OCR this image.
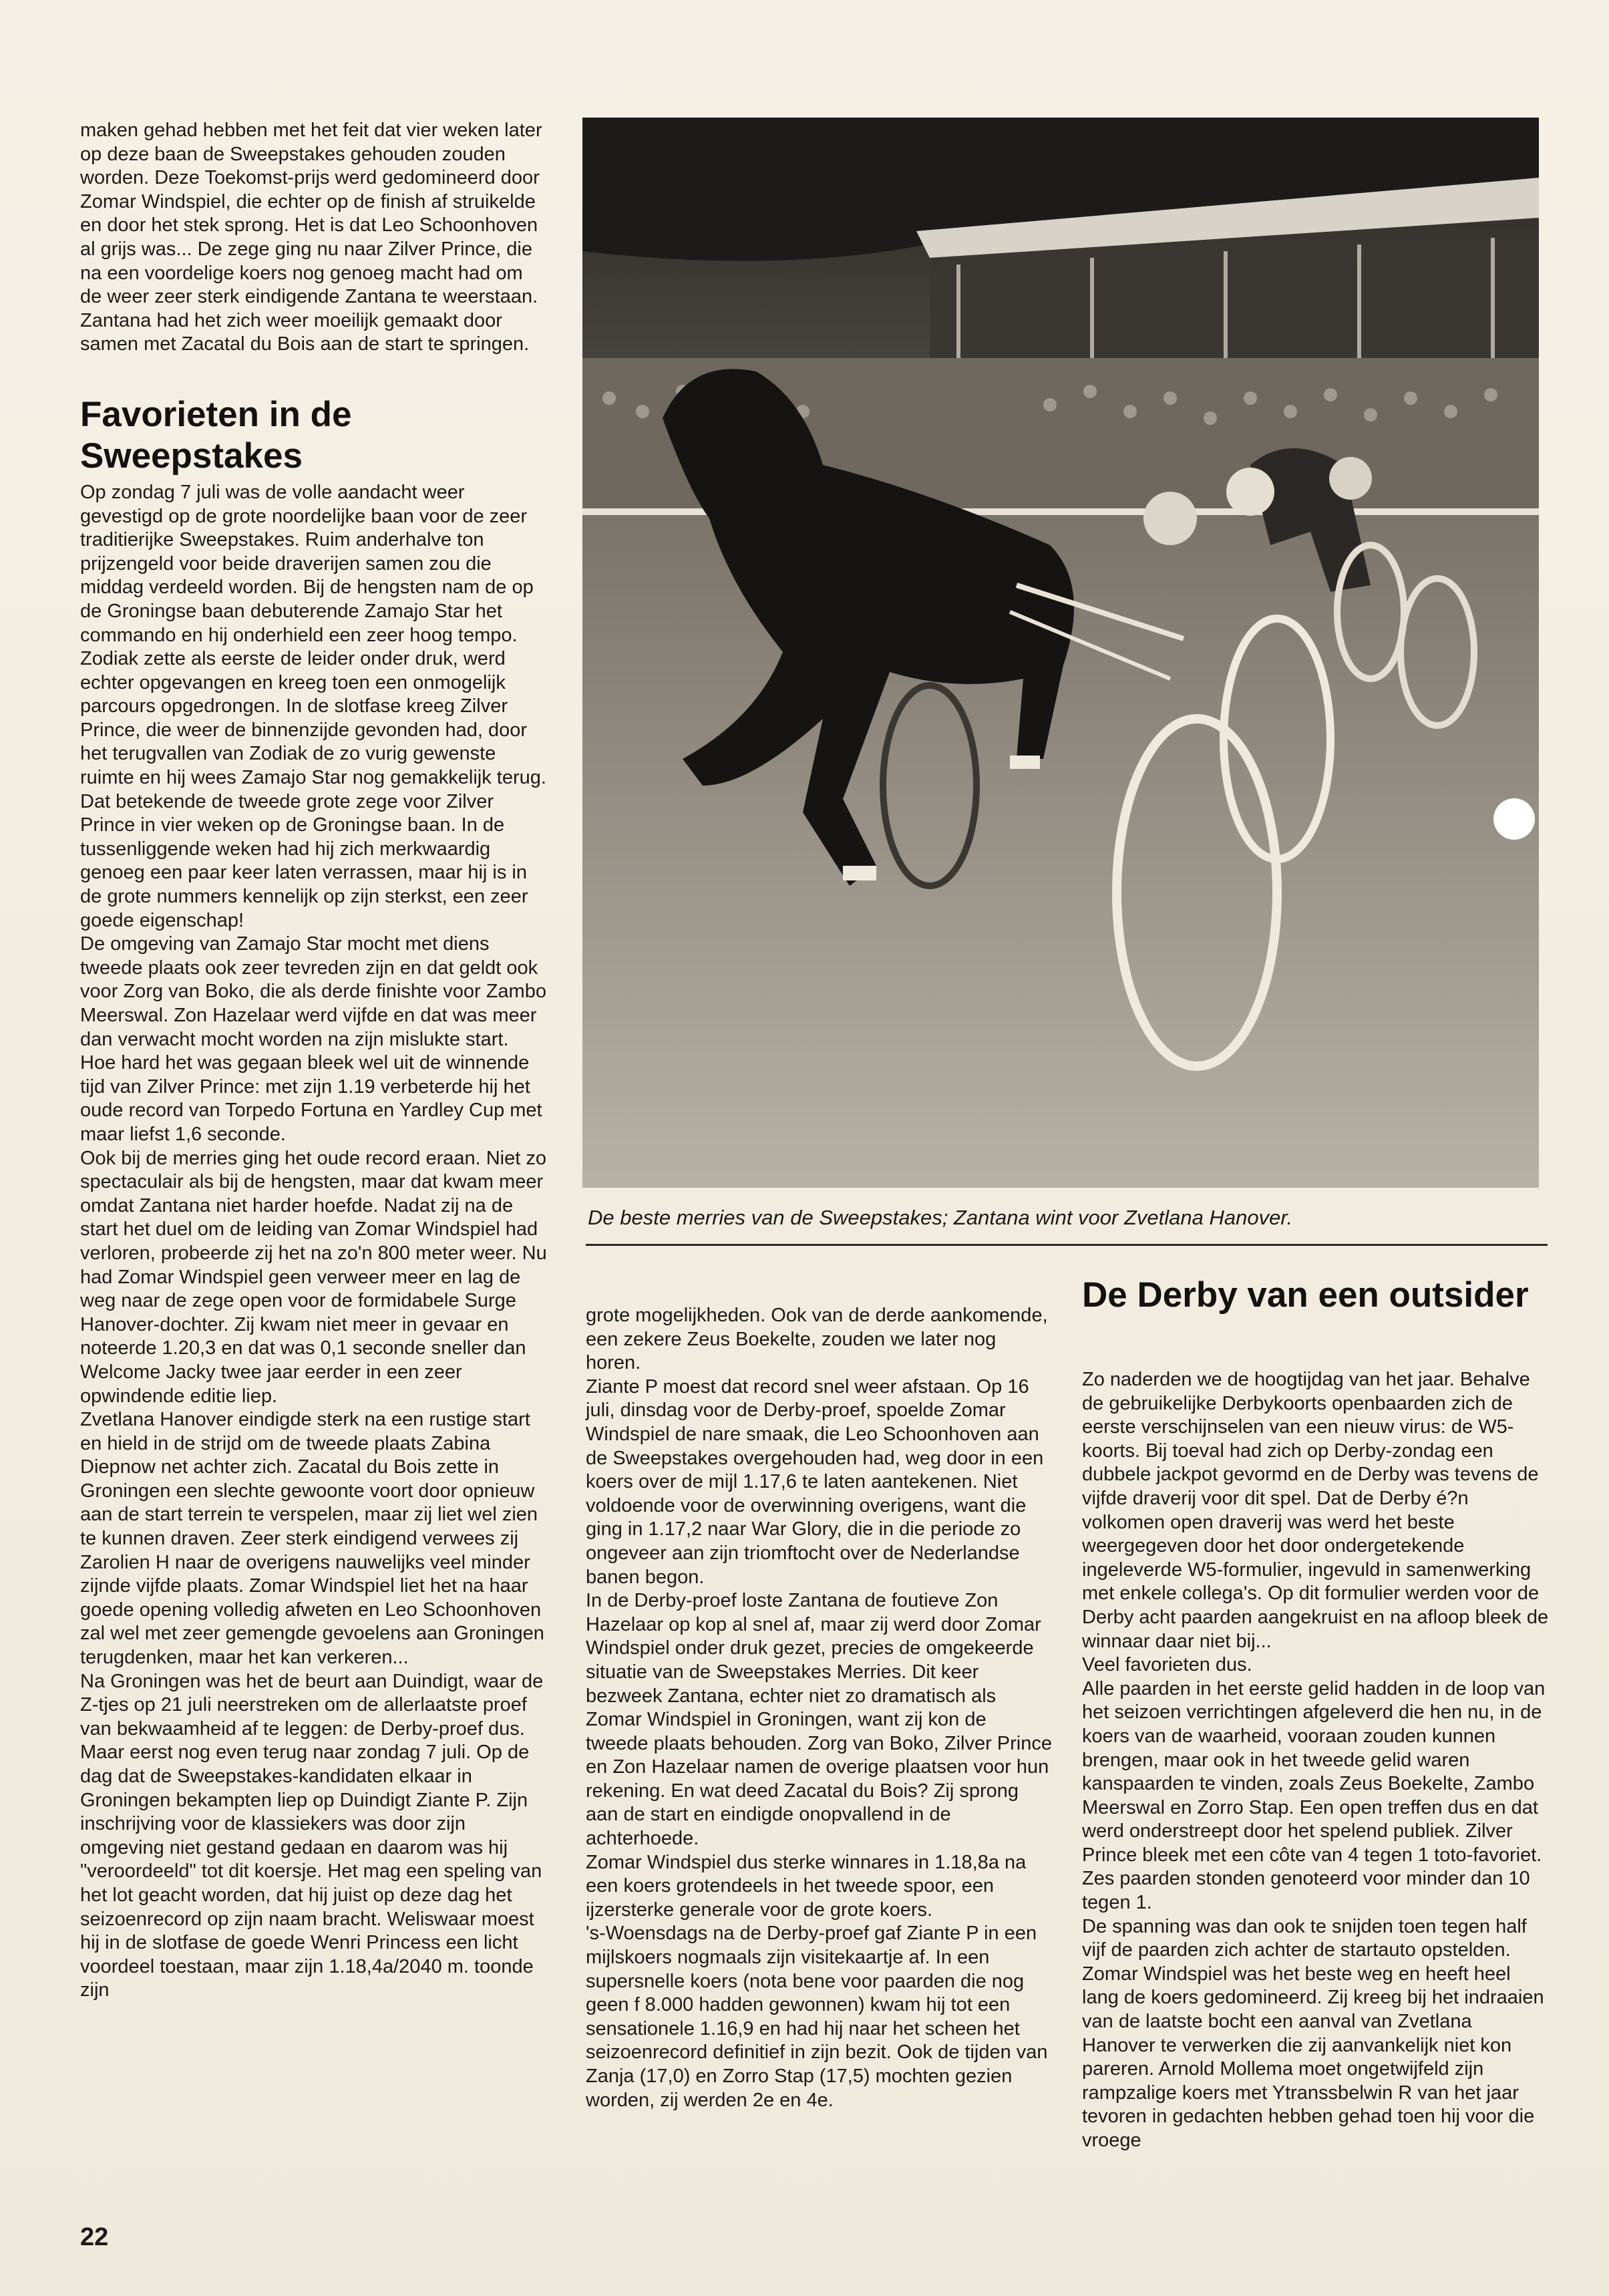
maken gehad hebben met het feit dat vier weken later op deze baan de Sweepstakes gehouden zouden worden. Deze Toekomst-prijs werd gedomineerd door Zomar Windspiel, die echter op de finish af struikelde en door het stek sprong. Het is dat Leo Schoonhoven al grijs was... De zege ging nu naar Zilver Prince, die na een voordelige koers nog genoeg macht had om de weer zeer sterk eindigende Zantana te weerstaan. Zantana had het zich weer moeilijk gemaakt door samen met Zacatal du Bois aan de start te springen.

Favorieten in de Sweepstakes

Op zondag 7 juli was de volle aandacht weer gevestigd op de grote noordelijke baan voor de zeer traditierijke Sweepstakes. Ruim anderhalve ton prijzengeld voor beide draverijen samen zou die middag verdeeld worden. Bij de hengsten nam de op de Groningse baan debuterende Zamajo Star het commando en hij onderhield een zeer hoog tempo. Zodiak zette als eerste de leider onder druk, werd echter opgevangen en kreeg toen een onmogelijk parcours opgedrongen. In de slotfase kreeg Zilver Prince, die weer de binnenzijde gevonden had, door het terugvallen van Zodiak de zo vurig gewenste ruimte en hij wees Zamajo Star nog gemakkelijk terug. Dat betekende de tweede grote zege voor Zilver Prince in vier weken op de Groningse baan. In de tussenliggende weken had hij zich merkwaardig genoeg een paar keer laten verrassen, maar hij is in de grote nummers kennelijk op zijn sterkst, een zeer goede eigenschap!

De omgeving van Zamajo Star mocht met diens tweede plaats ook zeer tevreden zijn en dat geldt ook voor Zorg van Boko, die als derde finishte voor Zambo Meerswal. Zon Hazelaar werd vijfde en dat was meer dan verwacht mocht worden na zijn mislukte start. Hoe hard het was gegaan bleek wel uit de winnende tijd van Zilver Prince: met zijn 1.19 verbeterde hij het oude record van Torpedo Fortuna en Yardley Cup met maar liefst 1,6 seconde.

Ook bij de merries ging het oude record eraan. Niet zo spectaculair als bij de hengsten, maar dat kwam meer omdat Zantana niet harder hoefde. Nadat zij na de start het duel om de leiding van Zomar Windspiel had verloren, probeerde zij het na zo'n 800 meter weer. Nu had Zomar Windspiel geen verweer meer en lag de weg naar de zege open voor de formidabele Surge Hanover-dochter. Zij kwam niet meer in gevaar en noteerde 1.20,3 en dat was 0,1 seconde sneller dan Welcome Jacky twee jaar eerder in een zeer opwindende editie liep.

Zvetlana Hanover eindigde sterk na een rustige start en hield in de strijd om de tweede plaats Zabina Diepnow net achter zich. Zacatal du Bois zette in Groningen een slechte gewoonte voort door opnieuw aan de start terrein te verspelen, maar zij liet wel zien te kunnen draven. Zeer sterk eindigend verwees zij Zarolien H naar de overigens nauwelijks veel minder zijnde vijfde plaats. Zomar Windspiel liet het na haar goede opening volledig afweten en Leo Schoonhoven zal wel met zeer gemengde gevoelens aan Groningen terugdenken, maar het kan verkeren...

Na Groningen was het de beurt aan Duindigt, waar de Z-tjes op 21 juli neerstreken om de allerlaatste proef van bekwaamheid af te leggen: de Derby-proef dus. Maar eerst nog even terug naar zondag 7 juli. Op de dag dat de Sweepstakes-kandidaten elkaar in Groningen bekampten liep op Duindigt Ziante P. Zijn inschrijving voor de klassiekers was door zijn omgeving niet gestand gedaan en daarom was hij "veroordeeld" tot dit koersje. Het mag een speling van het lot geacht worden, dat hij juist op deze dag het seizoenrecord op zijn naam bracht. Weliswaar moest hij in de slotfase de goede Wenri Princess een licht voordeel toestaan, maar zijn 1.18,4a/2040 m. toonde zijn

De beste merries van de Sweepstakes; Zantana wint voor Zvetlana Hanover.

grote mogelijkheden. Ook van de derde aankomende, een zekere Zeus Boekelte, zouden we later nog horen.

Ziante P moest dat record snel weer afstaan. Op 16 juli, dinsdag voor de Derby-proef, spoelde Zomar Windspiel de nare smaak, die Leo Schoonhoven aan de Sweepstakes overgehouden had, weg door in een koers over de mijl 1.17,6 te laten aantekenen. Niet voldoende voor de overwinning overigens, want die ging in 1.17,2 naar War Glory, die in die periode zo ongeveer aan zijn triomftocht over de Nederlandse banen begon.

In de Derby-proef loste Zantana de foutieve Zon Hazelaar op kop al snel af, maar zij werd door Zomar Windspiel onder druk gezet, precies de omgekeerde situatie van de Sweepstakes Merries. Dit keer bezweek Zantana, echter niet zo dramatisch als Zomar Windspiel in Groningen, want zij kon de tweede plaats behouden. Zorg van Boko, Zilver Prince en Zon Hazelaar namen de overige plaatsen voor hun rekening. En wat deed Zacatal du Bois? Zij sprong aan de start en eindigde onopvallend in de achterhoede.

Zomar Windspiel dus sterke winnares in 1.18,8a na een koers grotendeels in het tweede spoor, een ijzersterke generale voor de grote koers.

's-Woensdags na de Derby-proef gaf Ziante P in een mijlskoers nogmaals zijn visitekaartje af. In een supersnelle koers (nota bene voor paarden die nog geen f 8.000 hadden gewonnen) kwam hij tot een sensationele 1.16,9 en had hij naar het scheen het seizoenrecord definitief in zijn bezit. Ook de tijden van Zanja (17,0) en Zorro Stap (17,5) mochten gezien worden, zij werden 2e en 4e.

De Derby van een outsider

Zo naderden we de hoogtijdag van het jaar. Behalve de gebruikelijke Derbykoorts openbaarden zich de eerste verschijnselen van een nieuw virus: de W5-koorts. Bij toeval had zich op Derby-zondag een dubbele jackpot gevormd en de Derby was tevens de vijfde draverij voor dit spel. Dat de Derby é?n volkomen open draverij was werd het beste weergegeven door het door ondergetekende ingeleverde W5-formulier, ingevuld in samenwerking met enkele collega's. Op dit formulier werden voor de Derby acht paarden aangekruist en na afloop bleek de winnaar daar niet bij...

Veel favorieten dus.

Alle paarden in het eerste gelid hadden in de loop van het seizoen verrichtingen afgeleverd die hen nu, in de koers van de waarheid, vooraan zouden kunnen brengen, maar ook in het tweede gelid waren kanspaarden te vinden, zoals Zeus Boekelte, Zambo Meerswal en Zorro Stap. Een open treffen dus en dat werd onderstreept door het spelend publiek. Zilver Prince bleek met een côte van 4 tegen 1 toto-favoriet. Zes paarden stonden genoteerd voor minder dan 10 tegen 1.

De spanning was dan ook te snijden toen tegen half vijf de paarden zich achter de startauto opstelden. Zomar Windspiel was het beste weg en heeft heel lang de koers gedomineerd. Zij kreeg bij het indraaien van de laatste bocht een aanval van Zvetlana Hanover te verwerken die zij aanvankelijk niet kon pareren. Arnold Mollema moet ongetwijfeld zijn rampzalige koers met Ytranssbelwin R van het jaar tevoren in gedachten hebben gehad toen hij voor die vroege

22
